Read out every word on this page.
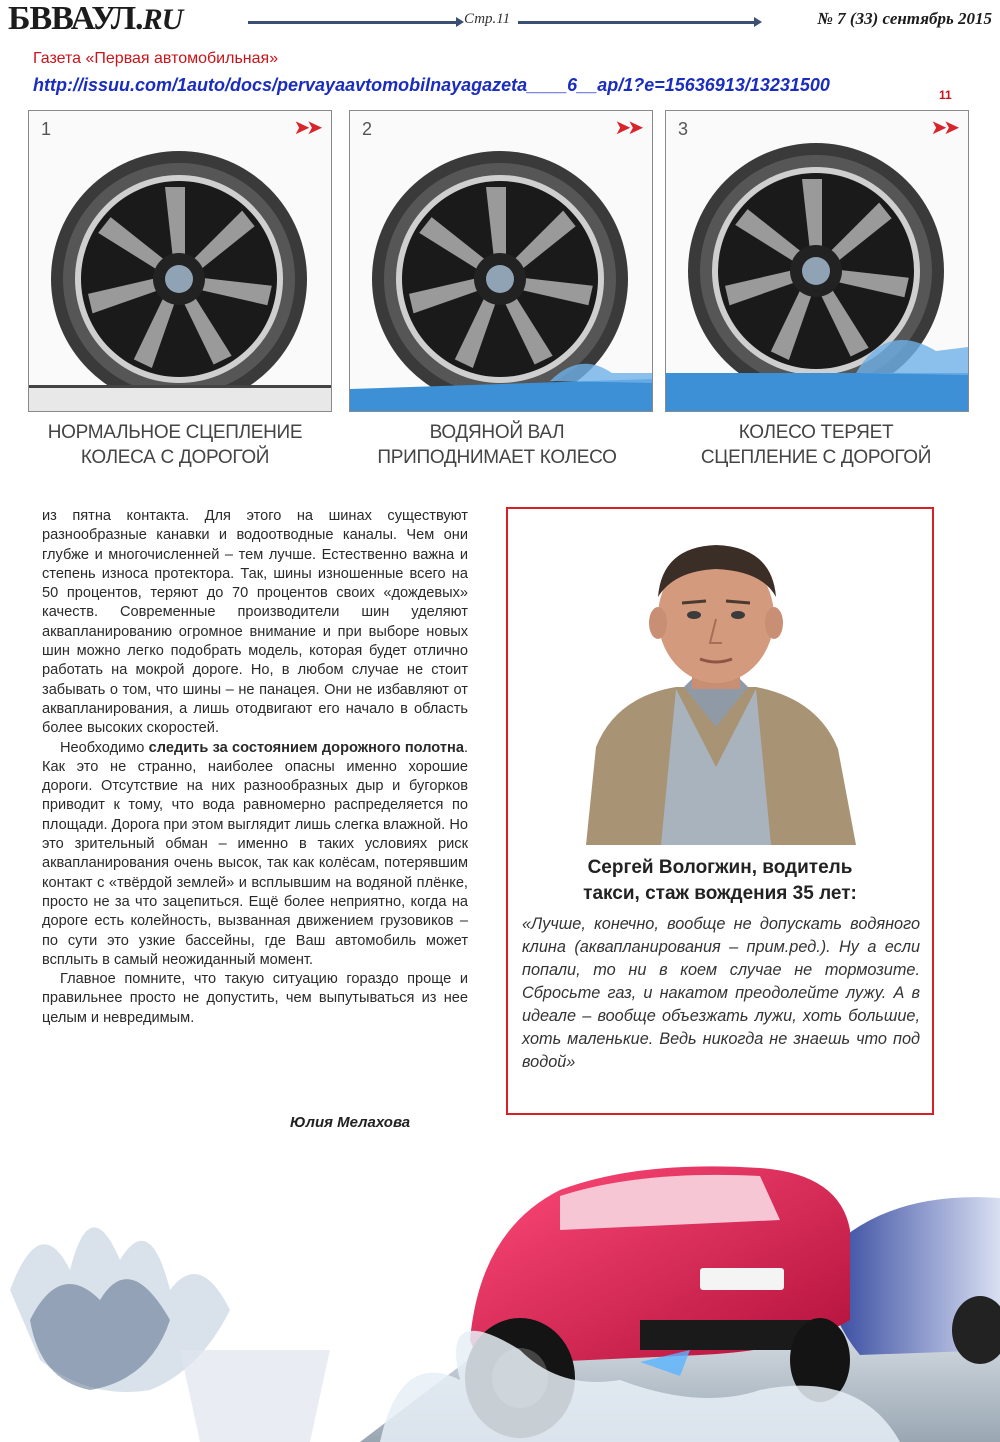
БВВАУЛ.RU	Стр.11	№ 7 (33) сентябрь 2015
Газета «Первая автомобильная»
http://issuu.com/1auto/docs/pervayaavtomobilnayagazeta____6__ap/1?e=15636913/13231500	11
1	➤➤
НОРМАЛЬНОЕ СЦЕПЛЕНИЕ
КОЛЕСА С ДОРОГОЙ
2	➤➤
ВОДЯНОЙ ВАЛ
ПРИПОДНИМАЕТ КОЛЕСО
3	➤➤
КОЛЕСО ТЕРЯЕТ
СЦЕПЛЕНИЕ С ДОРОГОЙ

из пятна контакта. Для этого на шинах существуют разнообразные канавки и водоотводные каналы. Чем они глубже и многочисленней – тем лучше. Естественно важна и степень износа протектора. Так, шины изношенные всего на 50 процентов, теряют до 70 процентов своих «дождевых» качеств. Современные производители шин уделяют аквапланированию огромное внимание и при выборе новых шин можно легко подобрать модель, которая будет отлично работать на мокрой дороге. Но, в любом случае не стоит забывать о том, что шины – не панацея. Они не избавляют от аквапланирования, а лишь отодвигают его начало в область более высоких скоростей.

Необходимо следить за состоянием дорожного полотна. Как это не странно, наиболее опасны именно хорошие дороги. Отсутствие на них разнообразных дыр и бугорков приводит к тому, что вода равномерно распределяется по площади. Дорога при этом выглядит лишь слегка влажной. Но это зрительный обман – именно в таких условиях риск аквапланирования очень высок, так как колёсам, потерявшим контакт с «твёрдой землей» и всплывшим на водяной плёнке, просто не за что зацепиться. Ещё более неприятно, когда на дороге есть колейность, вызванная движением грузовиков – по сути это узкие бассейны, где Ваш автомобиль может всплыть в самый неожиданный момент.

Главное помните, что такую ситуацию гораздо проще и правильнее просто не допустить, чем выпутываться из нее целым и невредимым.

Юлия Мелахова
Сергей Вологжин, водитель
такси, стаж вождения 35 лет:
«Лучше, конечно, вообще не допускать водяного клина (аквапланирования – прим.ред.). Ну а если попали, то ни в коем случае не тормозите. Сбросьте газ, и накатом преодолейте лужу. А в идеале – вообще объезжать лужи, хоть большие, хоть маленькие. Ведь никогда не знаешь что под водой»
